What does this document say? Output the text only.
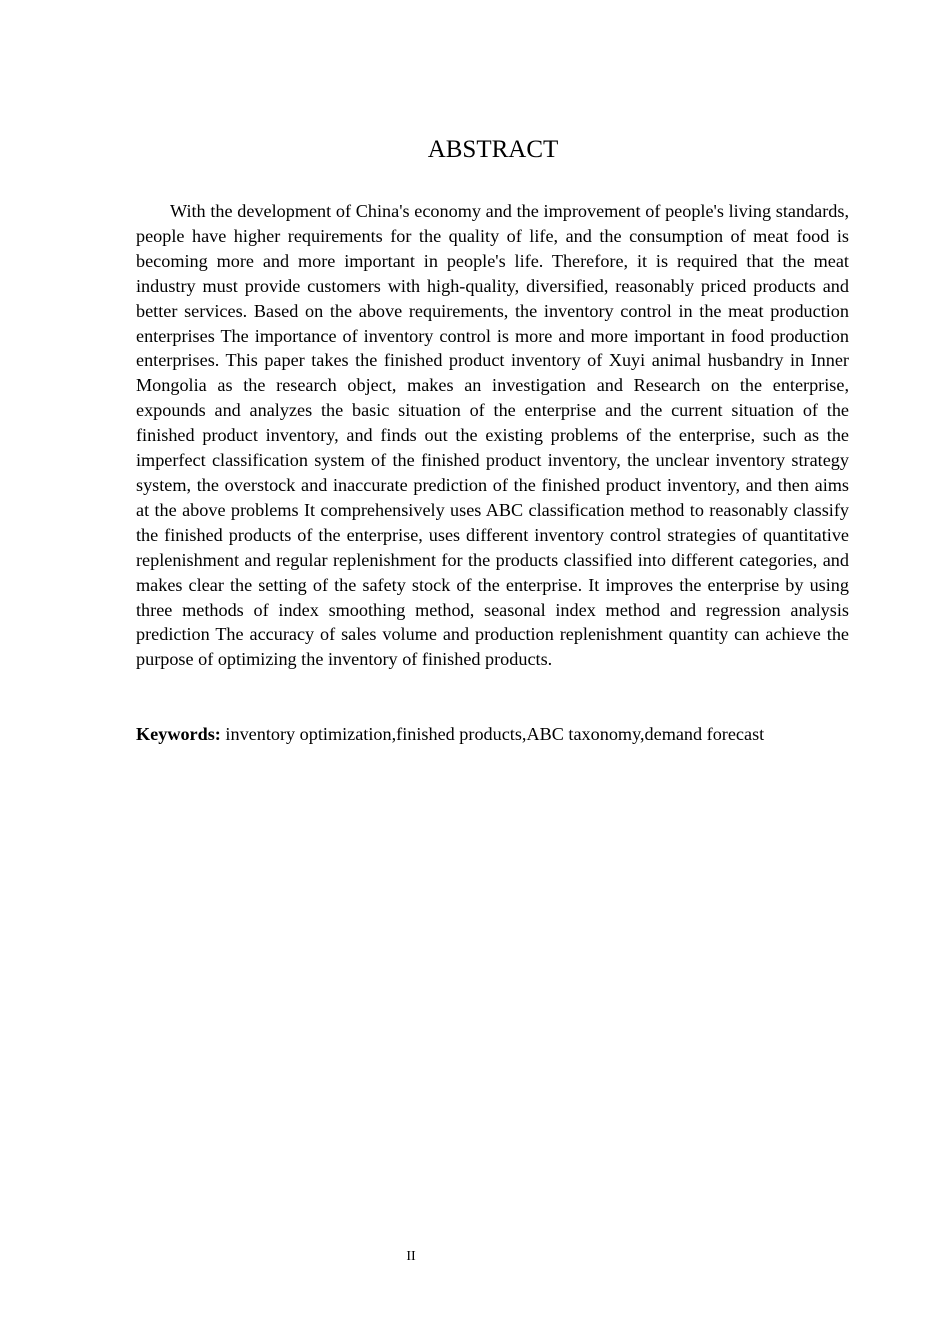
ABSTRACT

With the development of China's economy and the improvement of people's living standards, people have higher requirements for the quality of life, and the consumption of meat food is becoming more and more important in people's life. Therefore, it is required that the meat industry must provide customers with high-quality, diversified, reasonably priced products and better services. Based on the above requirements, the inventory control in the meat production enterprises The importance of inventory control is more and more important in food production enterprises. This paper takes the finished product inventory of Xuyi animal husbandry in Inner Mongolia as the research object, makes an investigation and Research on the enterprise, expounds and analyzes the basic situation of the enterprise and the current situation of the finished product inventory, and finds out the existing problems of the enterprise, such as the imperfect classification system of the finished product inventory, the unclear inventory strategy system, the overstock and inaccurate prediction of the finished product inventory, and then aims at the above problems It comprehensively uses ABC classification method to reasonably classify the finished products of the enterprise, uses different inventory control strategies of quantitative replenishment and regular replenishment for the products classified into different categories, and makes clear the setting of the safety stock of the enterprise. It improves the enterprise by using three methods of index smoothing method, seasonal index method and regression analysis prediction The accuracy of sales volume and production replenishment quantity can achieve the purpose of optimizing the inventory of finished products.

Keywords: inventory optimization,finished products,ABC taxonomy,demand forecast

II
